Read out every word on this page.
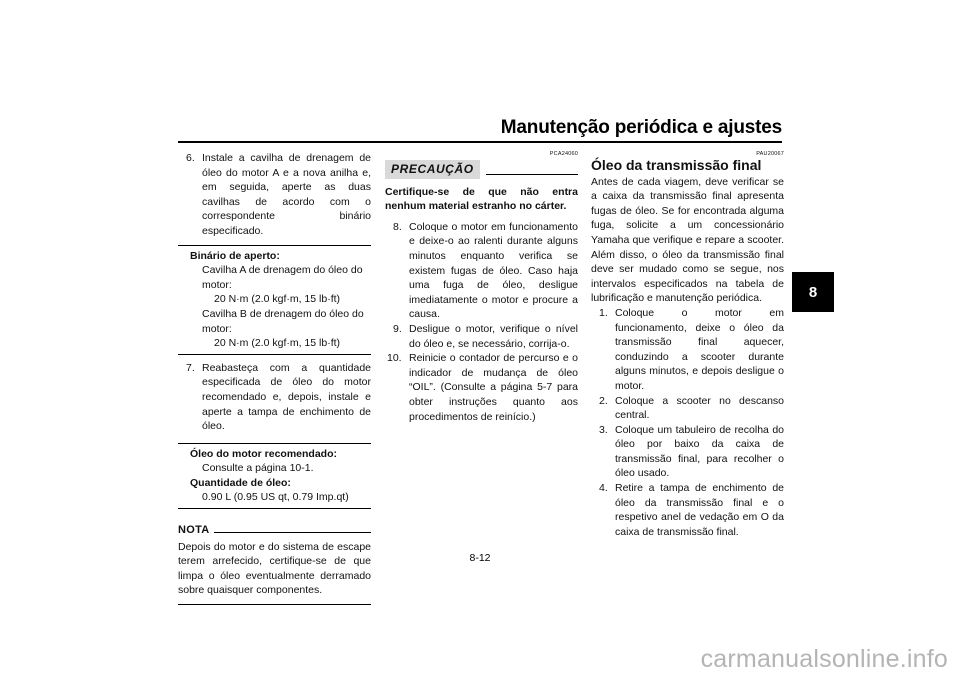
Manutenção periódica e ajustes
8
6. Instale a cavilha de drenagem de óleo do motor A e a nova anilha e, em seguida, aperte as duas cavilhas de acordo com o correspondente binário especificado.
Binário de aperto:
Cavilha A de drenagem do óleo do motor:
20 N·m (2.0 kgf·m, 15 lb·ft)
Cavilha B de drenagem do óleo do motor:
20 N·m (2.0 kgf·m, 15 lb·ft)
7. Reabasteça com a quantidade especificada de óleo do motor recomendado e, depois, instale e aperte a tampa de enchimento de óleo.
Óleo do motor recomendado:
Consulte a página 10-1.
Quantidade de óleo:
0.90 L (0.95 US qt, 0.79 Imp.qt)
NOTA

Depois do motor e do sistema de escape terem arrefecido, certifique-se de que limpa o óleo eventualmente derramado sobre quaisquer componentes.

PCA24060
PRECAUÇÃO

Certifique-se de que não entra nenhum material estranho no cárter.

8. Coloque o motor em funcionamento e deixe-o ao ralenti durante alguns minutos enquanto verifica se existem fugas de óleo. Caso haja uma fuga de óleo, desligue imediatamente o motor e procure a causa.
9. Desligue o motor, verifique o nível do óleo e, se necessário, corrija-o.
10. Reinicie o contador de percurso e o indicador de mudança de óleo “OIL”. (Consulte a página 5-7 para obter instruções quanto aos procedimentos de reinício.)
PAU20067
Óleo da transmissão final

Antes de cada viagem, deve verificar se a caixa da transmissão final apresenta fugas de óleo. Se for encontrada alguma fuga, solicite a um concessionário Yamaha que verifique e repare a scooter. Além disso, o óleo da transmissão final deve ser mudado como se segue, nos intervalos especificados na tabela de lubrificação e manutenção periódica.

1. Coloque o motor em funcionamento, deixe o óleo da transmissão final aquecer, conduzindo a scooter durante alguns minutos, e depois desligue o motor.
2. Coloque a scooter no descanso central.
3. Coloque um tabuleiro de recolha do óleo por baixo da caixa de transmissão final, para recolher o óleo usado.
4. Retire a tampa de enchimento de óleo da transmissão final e o respetivo anel de vedação em O da caixa de transmissão final.
8-12
carmanualsonline.info
